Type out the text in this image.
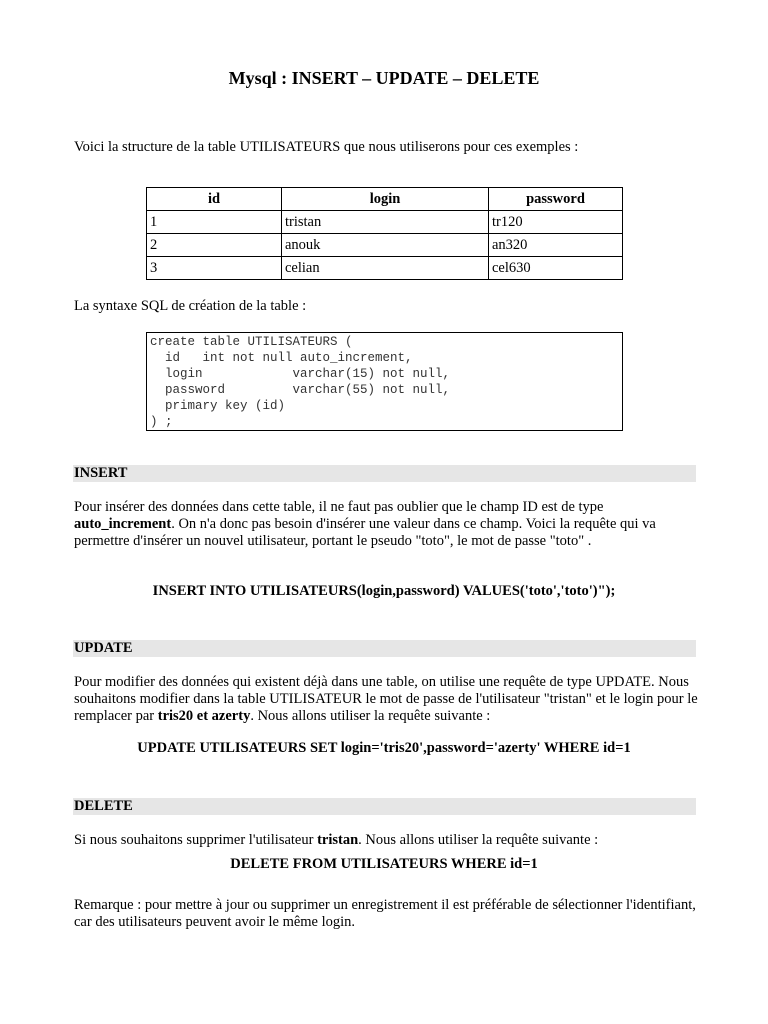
Mysql : INSERT – UPDATE – DELETE
Voici la structure de la table UTILISATEURS que nous utiliserons pour ces exemples :
id	login	password
1	tristan	tr120
2	anouk	an320
3	celian	cel630
La syntaxe SQL de création de la table :
create table UTILISATEURS (
id   int not null auto_increment,
login            varchar(15) not null,
password         varchar(55) not null,
primary key (id)
) ;
INSERT
Pour insérer des données dans cette table, il ne faut pas oublier que le champ ID est de type auto_increment. On n'a donc pas besoin d'insérer une valeur dans ce champ. Voici la requête qui va permettre d'insérer un nouvel utilisateur, portant le pseudo "toto", le mot de passe "toto" .
INSERT INTO UTILISATEURS(login,password) VALUES('toto','toto')");
UPDATE
Pour modifier des données qui existent déjà dans une table, on utilise une requête de type UPDATE. Nous souhaitons modifier dans la table UTILISATEUR le mot de passe de l'utilisateur "tristan" et le login pour le remplacer par tris20 et azerty. Nous allons utiliser la requête suivante :
UPDATE UTILISATEURS SET login='tris20',password='azerty' WHERE id=1
DELETE
Si nous souhaitons supprimer l'utilisateur tristan. Nous allons utiliser la requête suivante :
DELETE FROM UTILISATEURS WHERE id=1
Remarque : pour mettre à jour ou supprimer un enregistrement il est préférable de sélectionner l'identifiant, car des utilisateurs peuvent avoir le même login.
